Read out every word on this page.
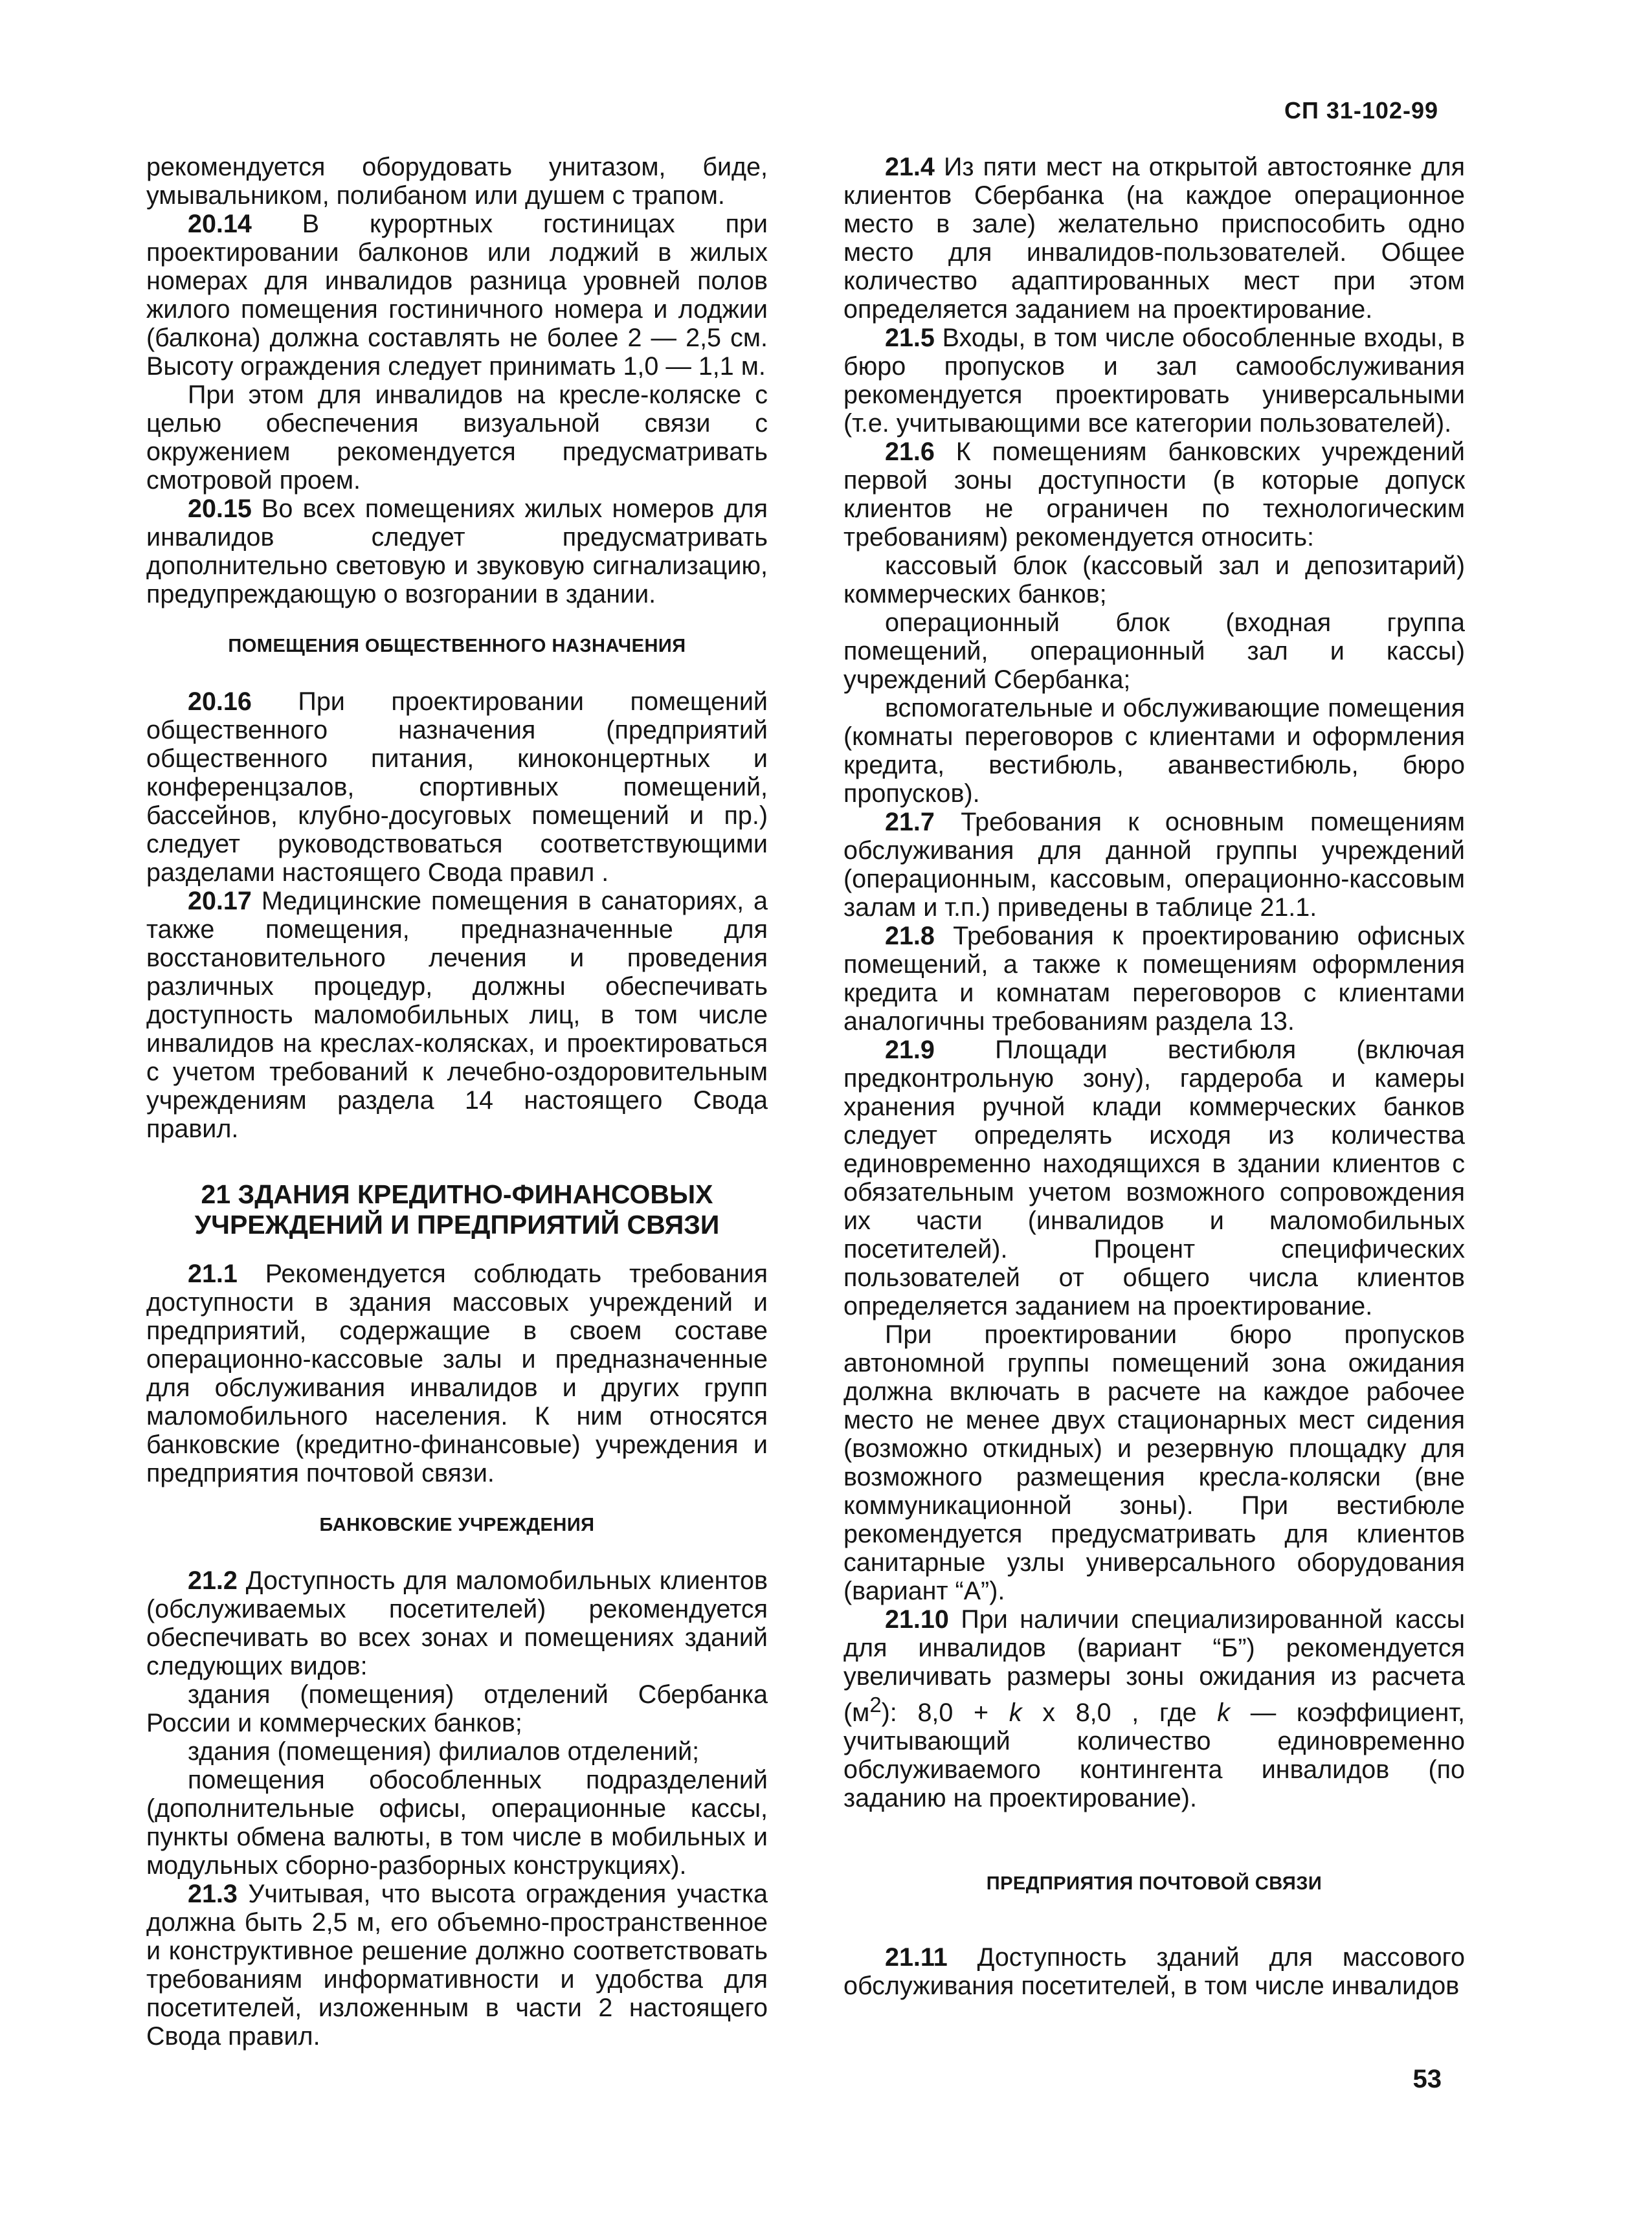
СП 31-102-99

рекомендуется оборудовать унитазом, биде, умывальником, полибаном или душем с трапом.

20.14 В курортных гостиницах при проектировании балконов или лоджий в жилых номерах для инвалидов разница уровней полов жилого помещения гостиничного номера и лоджии (балкона) должна составлять не более 2 — 2,5 см. Высоту ограждения следует принимать 1,0 — 1,1 м.

При этом для инвалидов на кресле-коляске с целью обеспечения визуальной связи с окружением рекомендуется предусматривать смотровой проем.

20.15 Во всех помещениях жилых номеров для инвалидов следует предусматривать дополнительно световую и звуковую сигнализацию, предупреждающую о возгорании в здании.

ПОМЕЩЕНИЯ ОБЩЕСТВЕННОГО НАЗНАЧЕНИЯ

20.16 При проектировании помещений общественного назначения (предприятий общественного питания, киноконцертных и конференцзалов, спортивных помещений, бассейнов, клубно-досуговых помещений и пр.) следует руководствоваться соответствующими разделами настоящего Свода правил .

20.17 Медицинские помещения в санаториях, а также помещения, предназначенные для восстановительного лечения и проведения различных процедур, должны обеспечивать доступность маломобильных лиц, в том числе инвалидов на креслах-колясках, и проектироваться с учетом требований к лечебно-оздоровительным учреждениям раздела 14 настоящего Свода правил.

21 ЗДАНИЯ КРЕДИТНО-ФИНАНСОВЫХ
УЧРЕЖДЕНИЙ И ПРЕДПРИЯТИЙ СВЯЗИ

21.1 Рекомендуется соблюдать требования доступности в здания массовых учреждений и предприятий, содержащие в своем составе операционно-кассовые залы и предназначенные для обслуживания инвалидов и других групп маломобильного населения. К ним относятся банковские (кредитно-финансовые) учреждения и предприятия почтовой связи.

БАНКОВСКИЕ УЧРЕЖДЕНИЯ

21.2 Доступность для маломобильных клиентов (обслуживаемых посетителей) рекомендуется обеспечивать во всех зонах и помещениях зданий следующих видов:

здания (помещения) отделений Сбербанка России и коммерческих банков;

здания (помещения) филиалов отделений;

помещения обособленных подразделений (дополнительные офисы, операционные кассы, пункты обмена валюты, в том числе в мобильных и модульных сборно-разборных конструкциях).

21.3 Учитывая, что высота ограждения участка должна быть 2,5 м, его объемно-пространственное и конструктивное решение должно соответствовать требованиям информативности и удобства для посетителей, изложенным в части 2 настоящего Свода правил.

21.4 Из пяти мест на открытой автостоянке для клиентов Сбербанка (на каждое операционное место в зале) желательно приспособить одно место для инвалидов-пользователей. Общее количество адаптированных мест при этом определяется заданием на проектирование.

21.5 Входы, в том числе обособленные входы, в бюро пропусков и зал самообслуживания рекомендуется проектировать универсальными (т.е. учитывающими все категории пользователей).

21.6 К помещениям банковских учреждений первой зоны доступности (в которые допуск клиентов не ограничен по технологическим требованиям) рекомендуется относить:

кассовый блок (кассовый зал и депозитарий) коммерческих банков;

операционный блок (входная группа помещений, операционный зал и кассы) учреждений Сбербанка;

вспомогательные и обслуживающие помещения (комнаты переговоров с клиентами и оформления кредита, вестибюль, аванвестибюль, бюро пропусков).

21.7 Требования к основным помещениям обслуживания для данной группы учреждений (операционным, кассовым, операционно-кассовым залам и т.п.) приведены в таблице 21.1.

21.8 Требования к проектированию офисных помещений, а также к помещениям оформления кредита и комнатам переговоров с клиентами аналогичны требованиям раздела 13.

21.9 Площади вестибюля (включая предконтрольную зону), гардероба и камеры хранения ручной клади коммерческих банков следует определять исходя из количества единовременно находящихся в здании клиентов с обязательным учетом возможного сопровождения их части (инвалидов и маломобильных посетителей). Процент специфических пользователей от общего числа клиентов определяется заданием на проектирование.

При проектировании бюро пропусков автономной группы помещений зона ожидания должна включать в расчете на каждое рабочее место не менее двух стационарных мест сидения (возможно откидных) и резервную площадку для возможного размещения кресла-коляски (вне коммуникационной зоны). При вестибюле рекомендуется предусматривать для клиентов санитарные узлы универсального оборудования (вариант “А”).

21.10 При наличии специализированной кассы для инвалидов (вариант “Б”) рекомендуется увеличивать размеры зоны ожидания из расчета $(м^2)$: 8,0 + k x 8,0 , где k — коэффициент, учитывающий количество единовременно обслуживаемого контингента инвалидов (по заданию на проектирование).

ПРЕДПРИЯТИЯ ПОЧТОВОЙ СВЯЗИ

21.11 Доступность зданий для массового обслуживания посетителей, в том числе инвалидов

53
